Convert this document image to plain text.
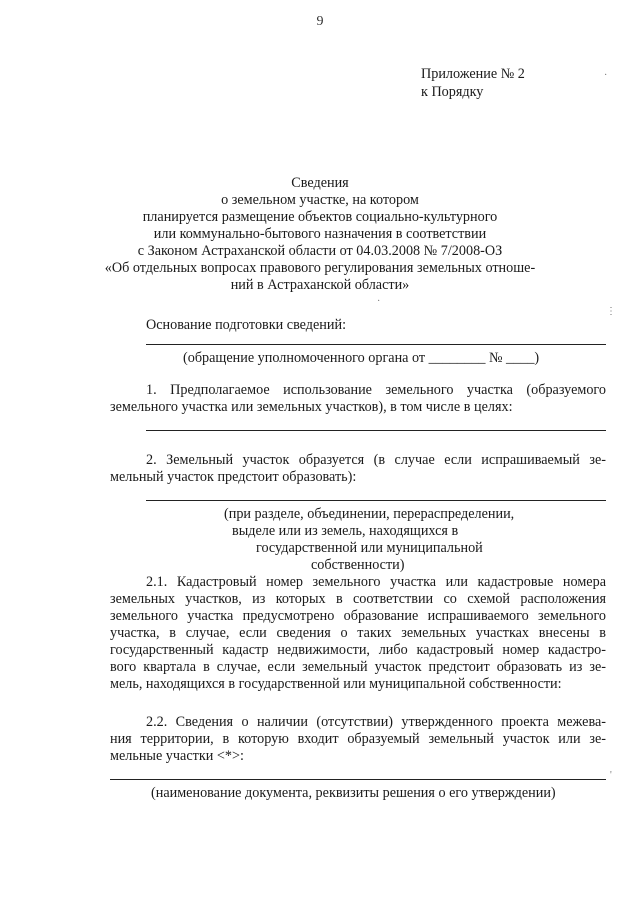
9
Приложение № 2
к Порядку
·
Сведения
о земельном участке, на котором
планируется размещение объектов социально-культурного
или коммунально-бытового назначения в соответствии
с Законом Астраханской области от 04.03.2008 № 7/2008-ОЗ
«Об отдельных вопросах правового регулирования земельных отноше-
ний в Астраханской области»
·
⋮
Основание подготовки сведений:
(обращение уполномоченного органа от ________ № ____)
1. Предполагаемое использование земельного участка (образуемого
земельного участка или земельных участков), в том числе в целях:
2. Земельный участок образуется (в случае если испрашиваемый зе-
мельный участок предстоит образовать):
(при разделе, объединении, перераспределении,
выделе или из земель, находящихся в
государственной или муниципальной
собственности)
2.1. Кадастровый номер земельного участка или кадастровые номера
земельных участков, из которых в соответствии со схемой расположения
земельного участка предусмотрено образование испрашиваемого земельного
участка, в случае, если сведения о таких земельных участках внесены в
государственный кадастр недвижимости, либо кадастровый номер кадастро-
вого квартала в случае, если земельный участок предстоит образовать из зе-
мель, находящихся в государственной или муниципальной собственности:
2.2. Сведения о наличии (отсутствии) утвержденного проекта межева-
ния территории, в которую входит образуемый земельный участок или зе-
мельные участки <*>:
(наименование документа, реквизиты решения о его утверждении)
'
